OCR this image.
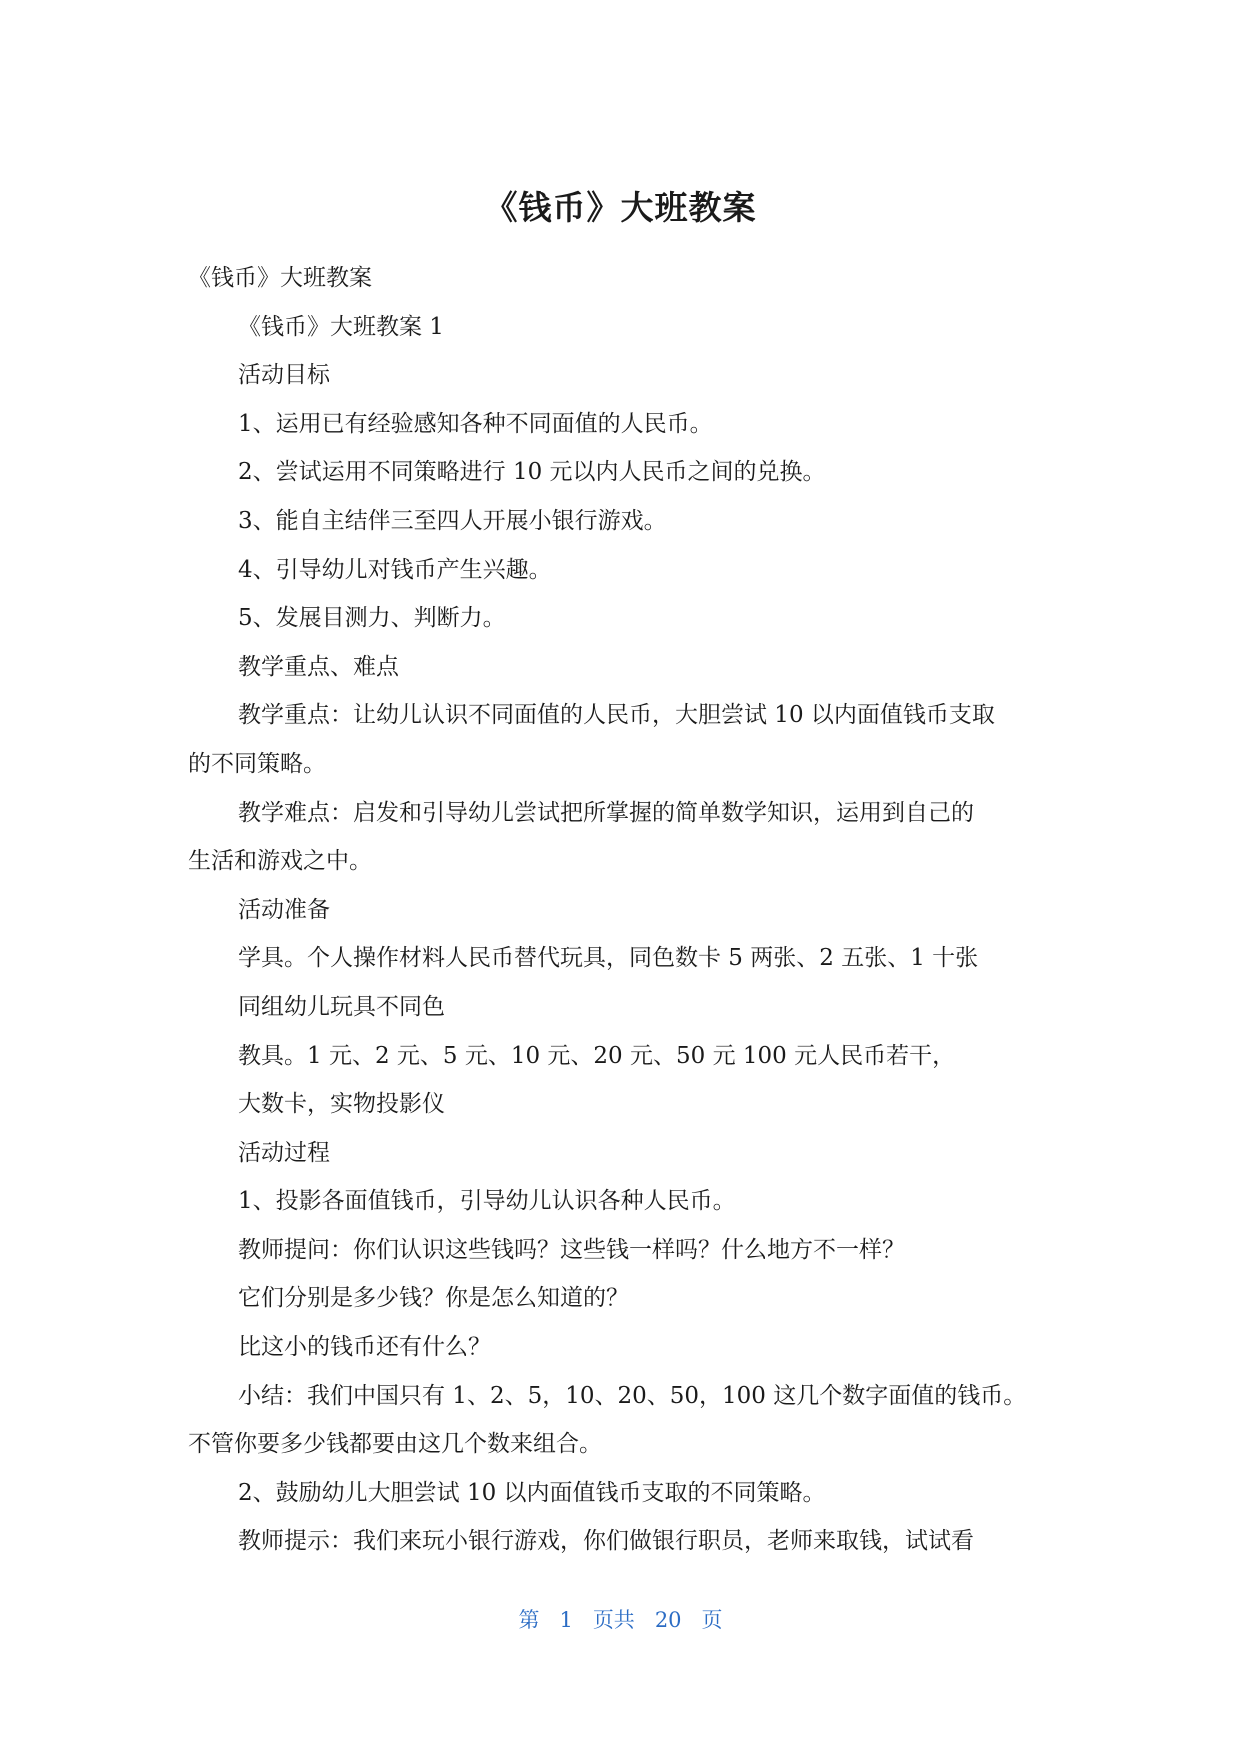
《钱币》大班教案

《钱币》大班教案

《钱币》大班教案 1

活动目标

1、运用已有经验感知各种不同面值的人民币。

2、尝试运用不同策略进行 10 元以内人民币之间的兑换。

3、能自主结伴三至四人开展小银行游戏。

4、引导幼儿对钱币产生兴趣。

5、发展目测力、判断力。

教学重点、难点

教学重点：让幼儿认识不同面值的人民币，大胆尝试 10 以内面值钱币支取

的不同策略。

教学难点：启发和引导幼儿尝试把所掌握的简单数学知识，运用到自己的

生活和游戏之中。

活动准备

学具。个人操作材料人民币替代玩具，同色数卡 5 两张、2 五张、1 十张

同组幼儿玩具不同色

教具。1 元、2 元、5 元、10 元、20 元、50 元 100 元人民币若干，

大数卡，实物投影仪

活动过程

1、投影各面值钱币，引导幼儿认识各种人民币。

教师提问：你们认识这些钱吗？这些钱一样吗？什么地方不一样？

它们分别是多少钱？你是怎么知道的？

比这小的钱币还有什么？

小结：我们中国只有 1、2、5，10、20、50，100 这几个数字面值的钱币。

不管你要多少钱都要由这几个数来组合。

2、鼓励幼儿大胆尝试 10 以内面值钱币支取的不同策略。

教师提示：我们来玩小银行游戏，你们做银行职员，老师来取钱，试试看

第 1 页共 20 页
